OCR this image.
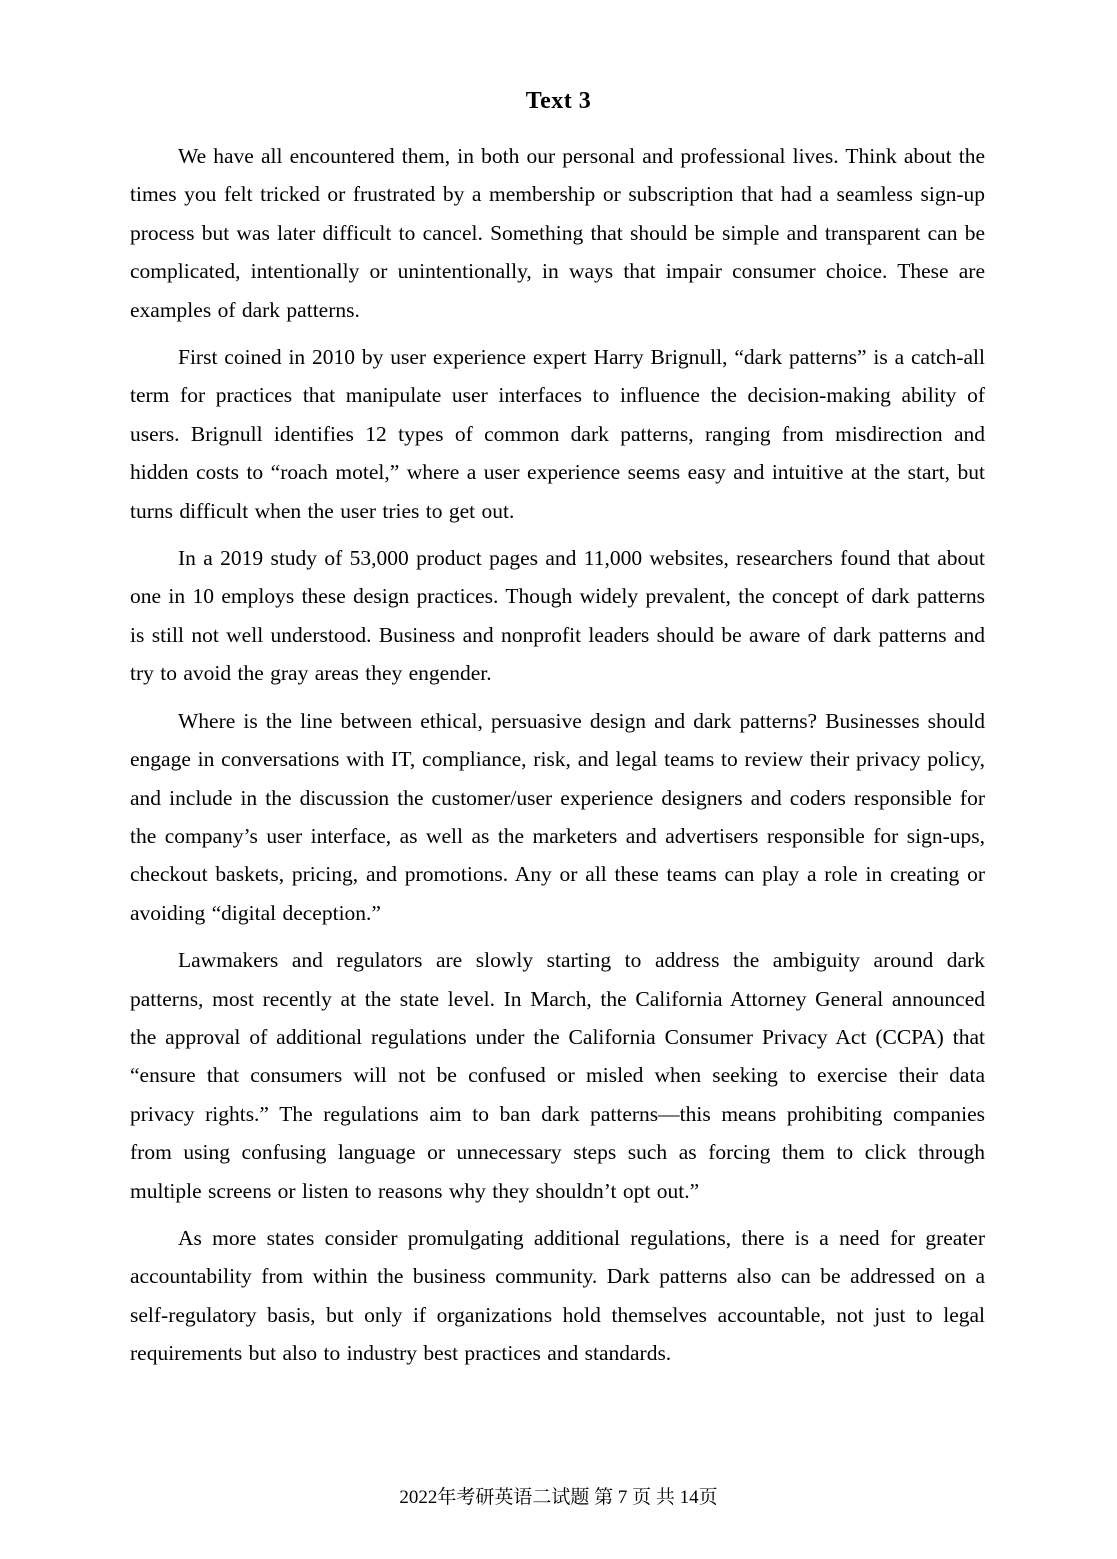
Text 3

We have all encountered them, in both our personal and professional lives. Think about the times you felt tricked or frustrated by a membership or subscription that had a seamless sign-up process but was later difficult to cancel. Something that should be simple and transparent can be complicated, intentionally or unintentionally, in ways that impair consumer choice. These are examples of dark patterns.

First coined in 2010 by user experience expert Harry Brignull, “dark patterns” is a catch-all term for practices that manipulate user interfaces to influence the decision-making ability of users. Brignull identifies 12 types of common dark patterns, ranging from misdirection and hidden costs to “roach motel,” where a user experience seems easy and intuitive at the start, but turns difficult when the user tries to get out.

In a 2019 study of 53,000 product pages and 11,000 websites, researchers found that about one in 10 employs these design practices. Though widely prevalent, the concept of dark patterns is still not well understood. Business and nonprofit leaders should be aware of dark patterns and try to avoid the gray areas they engender.

Where is the line between ethical, persuasive design and dark patterns? Businesses should engage in conversations with IT, compliance, risk, and legal teams to review their privacy policy, and include in the discussion the customer/user experience designers and coders responsible for the company’s user interface, as well as the marketers and advertisers responsible for sign-ups, checkout baskets, pricing, and promotions. Any or all these teams can play a role in creating or avoiding “digital deception.”

Lawmakers and regulators are slowly starting to address the ambiguity around dark patterns, most recently at the state level. In March, the California Attorney General announced the approval of additional regulations under the California Consumer Privacy Act (CCPA) that “ensure that consumers will not be confused or misled when seeking to exercise their data privacy rights.” The regulations aim to ban dark patterns—this means prohibiting companies from using confusing language or unnecessary steps such as forcing them to click through multiple screens or listen to reasons why they shouldn’t opt out.”

As more states consider promulgating additional regulations, there is a need for greater accountability from within the business community. Dark patterns also can be addressed on a self-regulatory basis, but only if organizations hold themselves accountable, not just to legal requirements but also to industry best practices and standards.

2022年考研英语二试题 第 7 页 共 14页
